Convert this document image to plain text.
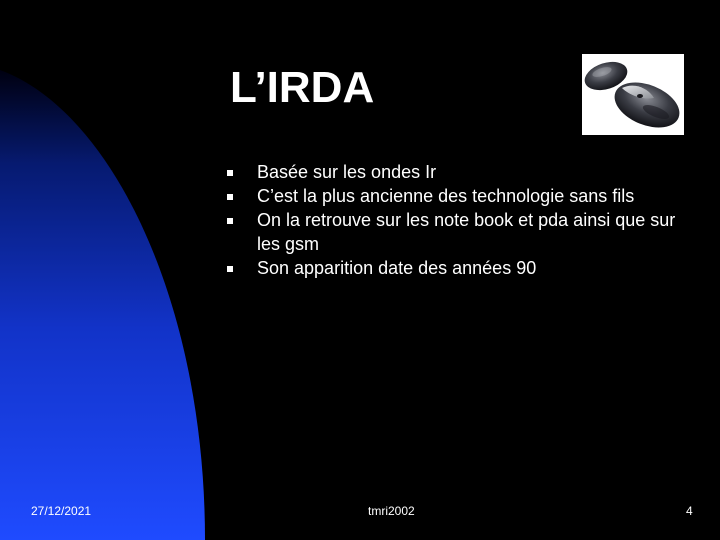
L’IRDA
Basée sur les ondes Ir
C’est la plus ancienne des technologie sans fils
On la retrouve sur les note book et pda ainsi que sur les gsm
Son apparition date des années 90
27/12/2021	tmri2002	4
